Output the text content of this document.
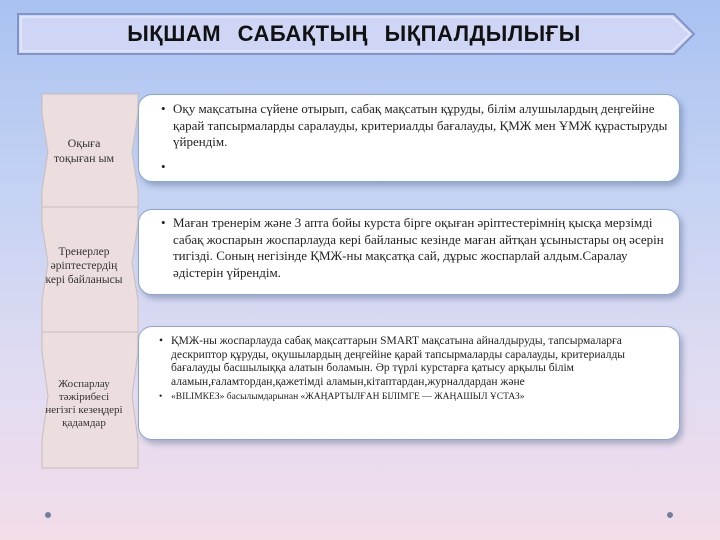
ЫҚШАМ САБАҚТЫҢ ЫҚПАЛДЫЛЫҒЫ
Оқыға
тоқыған ым
• Оқу мақсатына сүйене отырып, сабақ мақсатын құруды, білім алушылардың деңгейіне қарай тапсырмаларды саралауды, критериалды бағалауды, ҚМЖ мен ҰМЖ құрастыруды үйрендім.
•
Тренерлер
әріптестердің
кері байланысы
• Маған тренерім және 3 апта бойы курста бірге оқыған әріптестерімнің қысқа мерзімді сабақ жоспарын жоспарлауда кері байланыс кезінде маған айтқан ұсыныстары оң әсерін тигізді. Соның негізінде ҚМЖ-ны мақсатқа сай, дұрыс жоспарлай алдым.Саралау әдістерін үйрендім.
Жоспарлау
тәжірибесі
негізгі кезеңдері
қадамдар
• ҚМЖ-ны жоспарлауда сабақ мақсаттарын SMART мақсатына айналдыруды, тапсырмаларға дескриптор құруды, оқушылардың деңгейіне қарай тапсырмаларды саралауды, критериалды бағалауды басшылыққа алатын боламын. Әр түрлі курстарға қатысу арқылы білім аламын,ғаламтордан,қажетімді аламын,кітаптардан,журналдардан және
• «ВІLIМКЕЗ» басылымдарынан «ЖАҢАРТЫЛҒАН БІЛІМГЕ — ЖАҢАШЫЛ ҰСТАЗ»
